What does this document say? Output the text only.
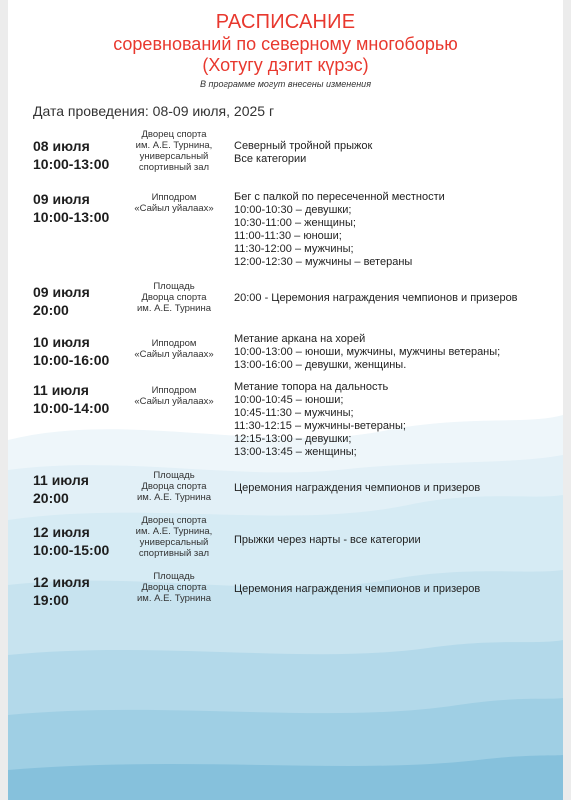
РАСПИСАНИЕ
соревнований по северному многоборью
(Хотугу дэгит күрэс)
В программе могут внесены изменения
Дата проведения: 08-09 июля, 2025 г
08 июля
10:00-13:00
Дворец спорта
им. А.Е. Турнина,
универсальный
спортивный зал
Северный тройной прыжок
Все категории
09 июля
10:00-13:00
Ипподром
«Сайыл уйалаах»
Бег с палкой по пересеченной местности
10:00-10:30 – девушки;
10:30-11:00 – женщины;
11:00-11:30 – юноши;
11:30-12:00 – мужчины;
12:00-12:30 – мужчины – ветераны
09 июля
20:00
Площадь
Дворца спорта
им. А.Е. Турнина
20:00 - Церемония награждения чемпионов и призеров
10 июля
10:00-16:00
Ипподром
«Сайыл уйалаах»
Метание аркана на хорей
10:00-13:00 – юноши, мужчины, мужчины ветераны;
13:00-16:00 – девушки, женщины.
11 июля
10:00-14:00
Ипподром
«Сайыл уйалаах»
Метание топора на дальность
10:00-10:45 – юноши;
10:45-11:30 – мужчины;
11:30-12:15 – мужчины-ветераны;
12:15-13:00 – девушки;
13:00-13:45 – женщины;
11 июля
20:00
Площадь
Дворца спорта
им. А.Е. Турнина
Церемония награждения чемпионов и призеров
12 июля
10:00-15:00
Дворец спорта
им. А.Е. Турнина,
универсальный
спортивный зал
Прыжки через нарты - все категории
12 июля
19:00
Площадь
Дворца спорта
им. А.Е. Турнина
Церемония награждения чемпионов и призеров
